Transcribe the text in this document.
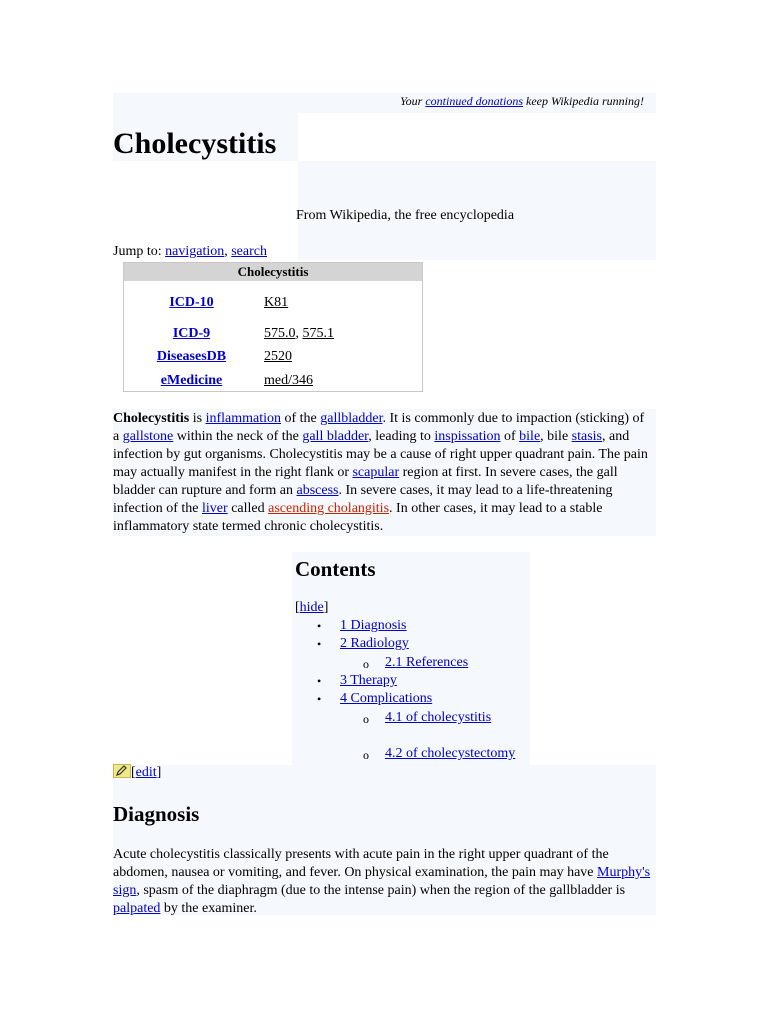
Your continued donations keep Wikipedia running!
Cholecystitis
From Wikipedia, the free encyclopedia
Jump to: navigation, search
Cholecystitis
ICD-10	K81
ICD-9	575.0, 575.1
DiseasesDB	2520
eMedicine	med/346
Cholecystitis is inflammation of the gallbladder. It is commonly due to impaction (sticking) of a gallstone within the neck of the gall bladder, leading to inspissation of bile, bile stasis, and infection by gut organisms. Cholecystitis may be a cause of right upper quadrant pain. The pain may actually manifest in the right flank or scapular region at first. In severe cases, the gall bladder can rupture and form an abscess. In severe cases, it may lead to a life-threatening infection of the liver called ascending cholangitis. In other cases, it may lead to a stable inflammatory state termed chronic cholecystitis.
Contents
[hide]
• 1 Diagnosis
• 2 Radiology
o 2.1 References
• 3 Therapy
• 4 Complications
o 4.1 of cholecystitis
o 4.2 of cholecystectomy
[edit]
Diagnosis
Acute cholecystitis classically presents with acute pain in the right upper quadrant of the abdomen, nausea or vomiting, and fever. On physical examination, the pain may have Murphy's sign, spasm of the diaphragm (due to the intense pain) when the region of the gallbladder is palpated by the examiner.
